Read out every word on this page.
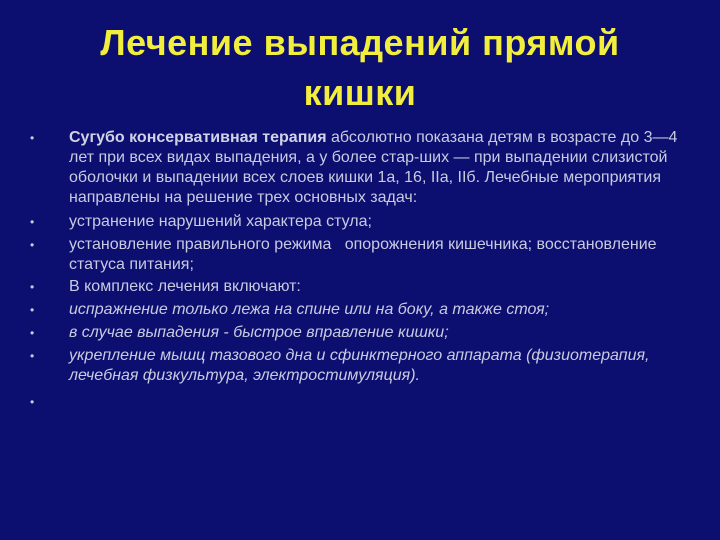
Лечение выпадений прямой
кишки
• Сугубо консервативная терапия абсолютно показана детям в возрасте до 3—4 лет при всех видах выпадения, а у более стар-ших — при выпадении слизистой оболочки и выпадении всех слоев кишки 1а, 16, IIа, IIб. Лечебные мероприятия направлены на решение трех основных задач:
• устранение нарушений характера стула;
• установление правильного режима   опорожнения кишечника; восстановление   статуса питания;
• В комплекс лечения включают:
• испражнение только лежа на спине или на боку, а также стоя;
• в случае выпадения - быстрое вправление кишки;
• укрепление мышц тазового дна и сфинктерного аппарата (физиотерапия, лечебная физкультура, электростимуляция).
•
